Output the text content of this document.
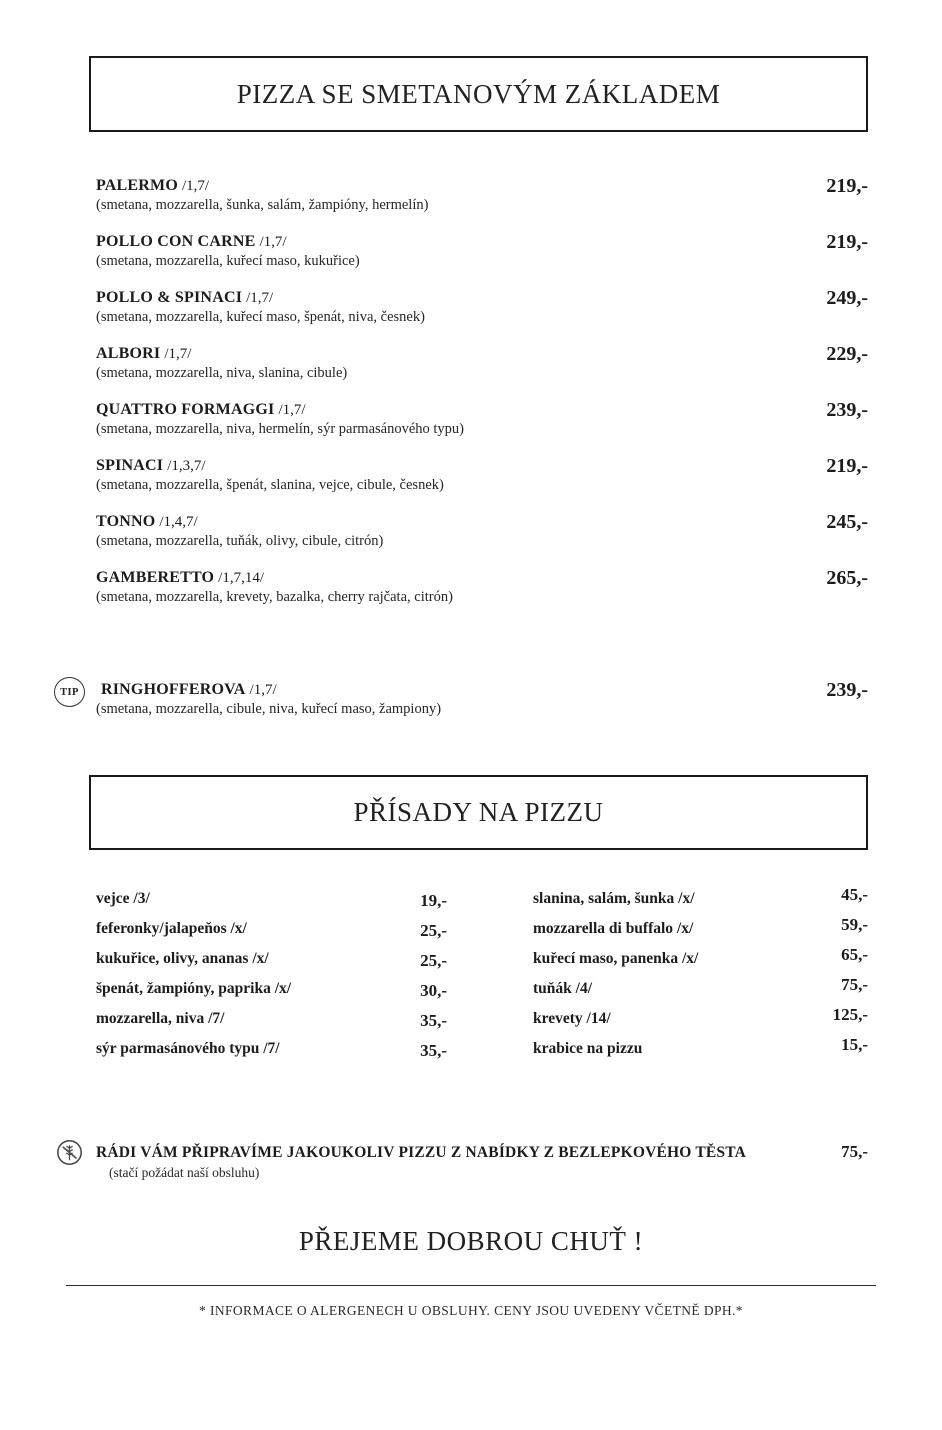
PIZZA SE SMETANOVÝM ZÁKLADEM
PALERMO /1,7/	219,-
(smetana, mozzarella, šunka, salám, žampióny, hermelín)
POLLO CON CARNE /1,7/	219,-
(smetana, mozzarella, kuřecí maso, kukuřice)
POLLO & SPINACI /1,7/	249,-
(smetana, mozzarella, kuřecí maso, špenát, niva, česnek)
ALBORI /1,7/	229,-
(smetana, mozzarella, niva, slanina, cibule)
QUATTRO FORMAGGI /1,7/	239,-
(smetana, mozzarella, niva, hermelín, sýr parmasánového typu)
SPINACI /1,3,7/	219,-
(smetana, mozzarella, špenát, slanina, vejce, cibule, česnek)
TONNO /1,4,7/	245,-
(smetana, mozzarella, tuňák, olivy, cibule, citrón)
GAMBERETTO /1,7,14/	265,-
(smetana, mozzarella, krevety, bazalka, cherry rajčata, citrón)
TIP RINGHOFFEROVA /1,7/	239,-
(smetana, mozzarella, cibule, niva, kuřecí maso, žampiony)
PŘÍSADY NA PIZZU
vejce /3/	19,-
feferonky/jalapeňos /x/	25,-
kukuřice, olivy, ananas /x/	25,-
špenát, žampióny, paprika /x/	30,-
mozzarella, niva /7/	35,-
sýr parmasánového typu /7/	35,-
slanina, salám, šunka /x/	45,-
mozzarella di buffalo /x/	59,-
kuřecí maso, panenka /x/	65,-
tuňák /4/	75,-
krevety /14/	125,-
krabice na pizzu	15,-
RÁDI VÁM PŘIPRAVÍME JAKOUKOLIV PIZZU Z NABÍDKY Z BEZLEPKOVÉHO TĚSTA	75,-
(stačí požádat naší obsluhu)
PŘEJEME DOBROU CHUŤ !
* INFORMACE O ALERGENECH U OBSLUHY. CENY JSOU UVEDENY VČETNĚ DPH.*
